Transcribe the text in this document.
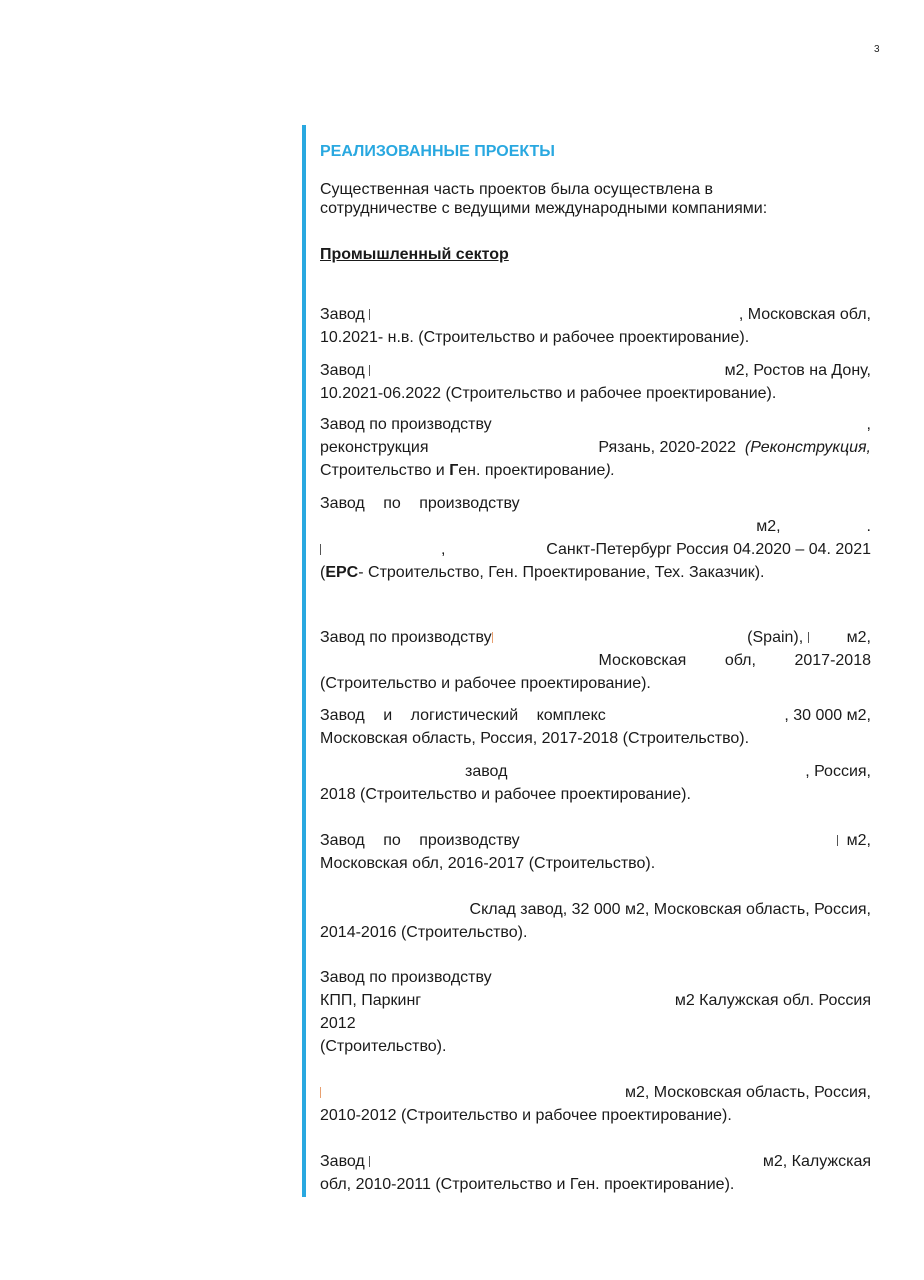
3
РЕАЛИЗОВАННЫЕ ПРОЕКТЫ
Существенная часть проектов была осуществлена в
сотрудничестве с ведущими международными компаниями:
Промышленный сектор
Завод	, Московская обл,
10.2021- н.в. (Строительство и рабочее проектирование).
Завод	м2, Ростов на Дону,
10.2021-06.2022 (Строительство и рабочее проектирование).
Завод по производству	,
реконструкция	Рязань, 2020-2022 (Реконструкция,
Строительство и Ген. проектирование).
Завод по производству
м2,	.
,	Санкт-Петербург Россия 04.2020 – 04. 2021
(EPC- Строительство, Ген. Проектирование, Тех. Заказчик).
Завод по производству	(Spain),	м2,
Московская обл, 2017-2018
(Строительство и рабочее проектирование).
Завод и логистический комплекс	, 30 000 м2,
Московская область, Россия, 2017-2018 (Строительство).
завод	, Россия,
2018 (Строительство и рабочее проектирование).
Завод по производству	м2,
Московская обл, 2016-2017 (Строительство).
Склад завод, 32 000 м2, Московская область, Россия,
2014-2016 (Строительство).
Завод по производству
КПП, Паркинг	м2 Калужская обл. Россия
2012
(Строительство).
м2, Московская область, Россия,
2010-2012 (Строительство и рабочее проектирование).
Завод	м2, Калужская
обл, 2010-2011 (Строительство и Ген. проектирование).
